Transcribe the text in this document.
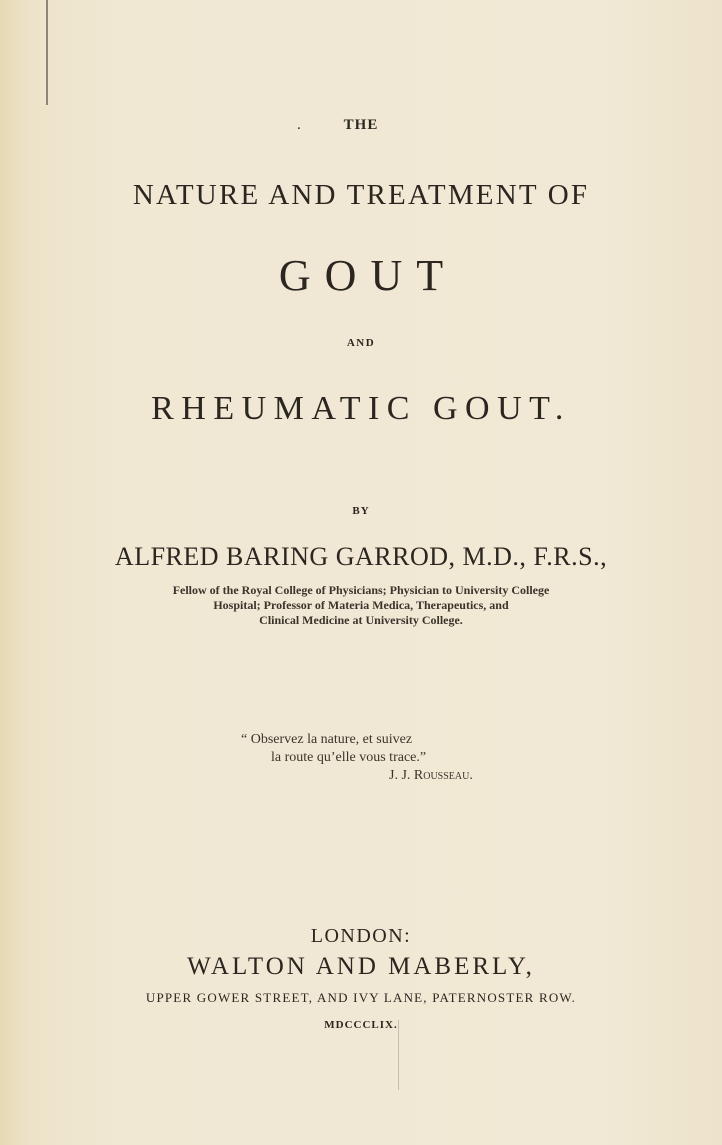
.	THE
NATURE AND TREATMENT OF
GOUT
AND
RHEUMATIC GOUT.
BY
ALFRED BARING GARROD, M.D., F.R.S.,
Fellow of the Royal College of Physicians; Physician to University College
Hospital; Professor of Materia Medica, Therapeutics, and
Clinical Medicine at University College.
“ Observez la nature, et suivez
la route qu’elle vous trace.”
J. J. Rousseau.
LONDON:
WALTON AND MABERLY,
UPPER GOWER STREET, AND IVY LANE, PATERNOSTER ROW.
MDCCCLIX.
